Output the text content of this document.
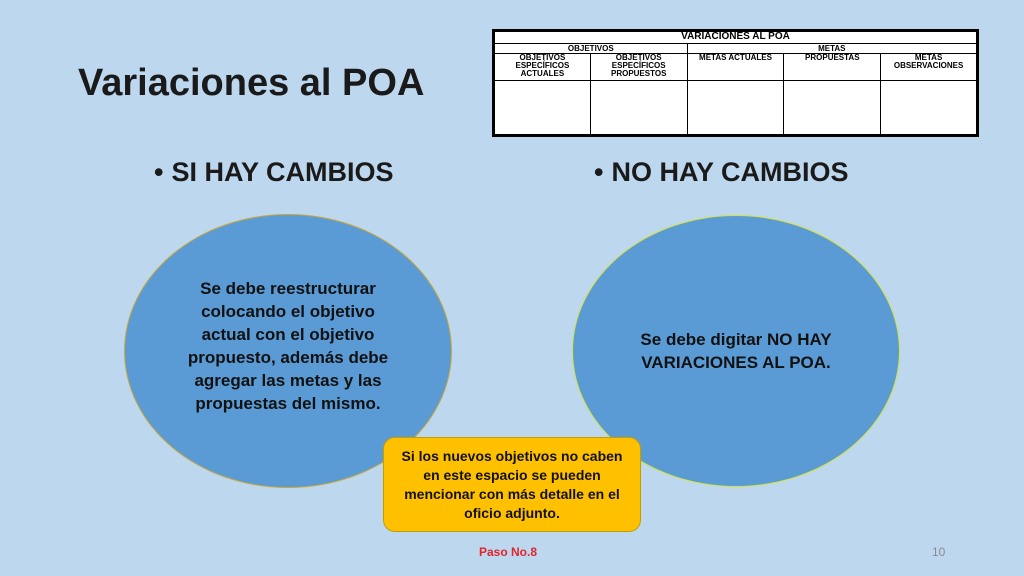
Variaciones al POA
VARIACIONES AL POA				
OBJETIVOS		METAS		
OBJETIVOS ESPECÍFICOS ACTUALES	OBJETIVOS ESPECÍFICOS PROPUESTOS	METAS ACTUALES	PROPUESTAS	METAS OBSERVACIONES

• SI HAY CAMBIOS	• NO HAY CAMBIOS
Se debe reestructurar colocando el objetivo actual con el objetivo propuesto, además debe agregar las metas y las propuestas del mismo.
Se debe digitar NO HAY VARIACIONES AL POA.
Si los nuevos objetivos no caben en este espacio se pueden mencionar con más detalle en el oficio adjunto.
Paso No.8	10
